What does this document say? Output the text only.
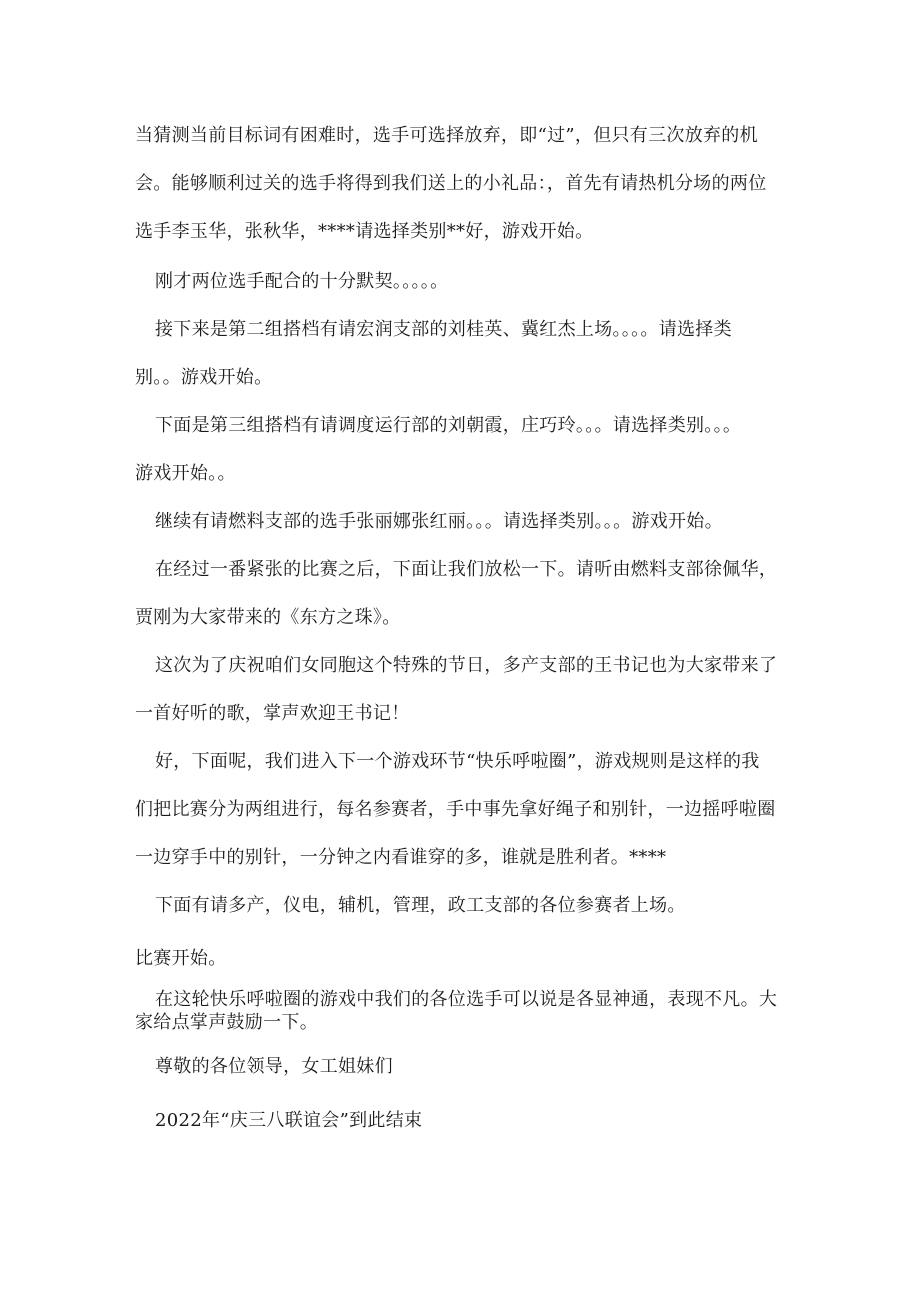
当猜测当前目标词有困难时，选手可选择放弃，即“过”，但只有三次放弃的机
会。能够顺利过关的选手将得到我们送上的小礼品：，首先有请热机分场的两位
选手李玉华，张秋华，****请选择类别**好，游戏开始。
刚才两位选手配合的十分默契。。。。。
接下来是第二组搭档有请宏润支部的刘桂英、冀红杰上场。。。。请选择类
别。。游戏开始。
下面是第三组搭档有请调度运行部的刘朝霞，庄巧玲。。。请选择类别。。。
游戏开始。。
继续有请燃料支部的选手张丽娜张红丽。。。请选择类别。。。游戏开始。
在经过一番紧张的比赛之后，下面让我们放松一下。请听由燃料支部徐佩华，
贾刚为大家带来的《东方之珠》。
这次为了庆祝咱们女同胞这个特殊的节日，多产支部的王书记也为大家带来了
一首好听的歌，掌声欢迎王书记！
好，下面呢，我们进入下一个游戏环节“快乐呼啦圈”，游戏规则是这样的我
们把比赛分为两组进行，每名参赛者，手中事先拿好绳子和别针，一边摇呼啦圈
一边穿手中的别针，一分钟之内看谁穿的多，谁就是胜利者。****
下面有请多产，仪电，辅机，管理，政工支部的各位参赛者上场。
比赛开始。
在这轮快乐呼啦圈的游戏中我们的各位选手可以说是各显神通，表现不凡。大
家给点掌声鼓励一下。
尊敬的各位领导，女工姐妹们
2022年“庆三八联谊会”到此结束
